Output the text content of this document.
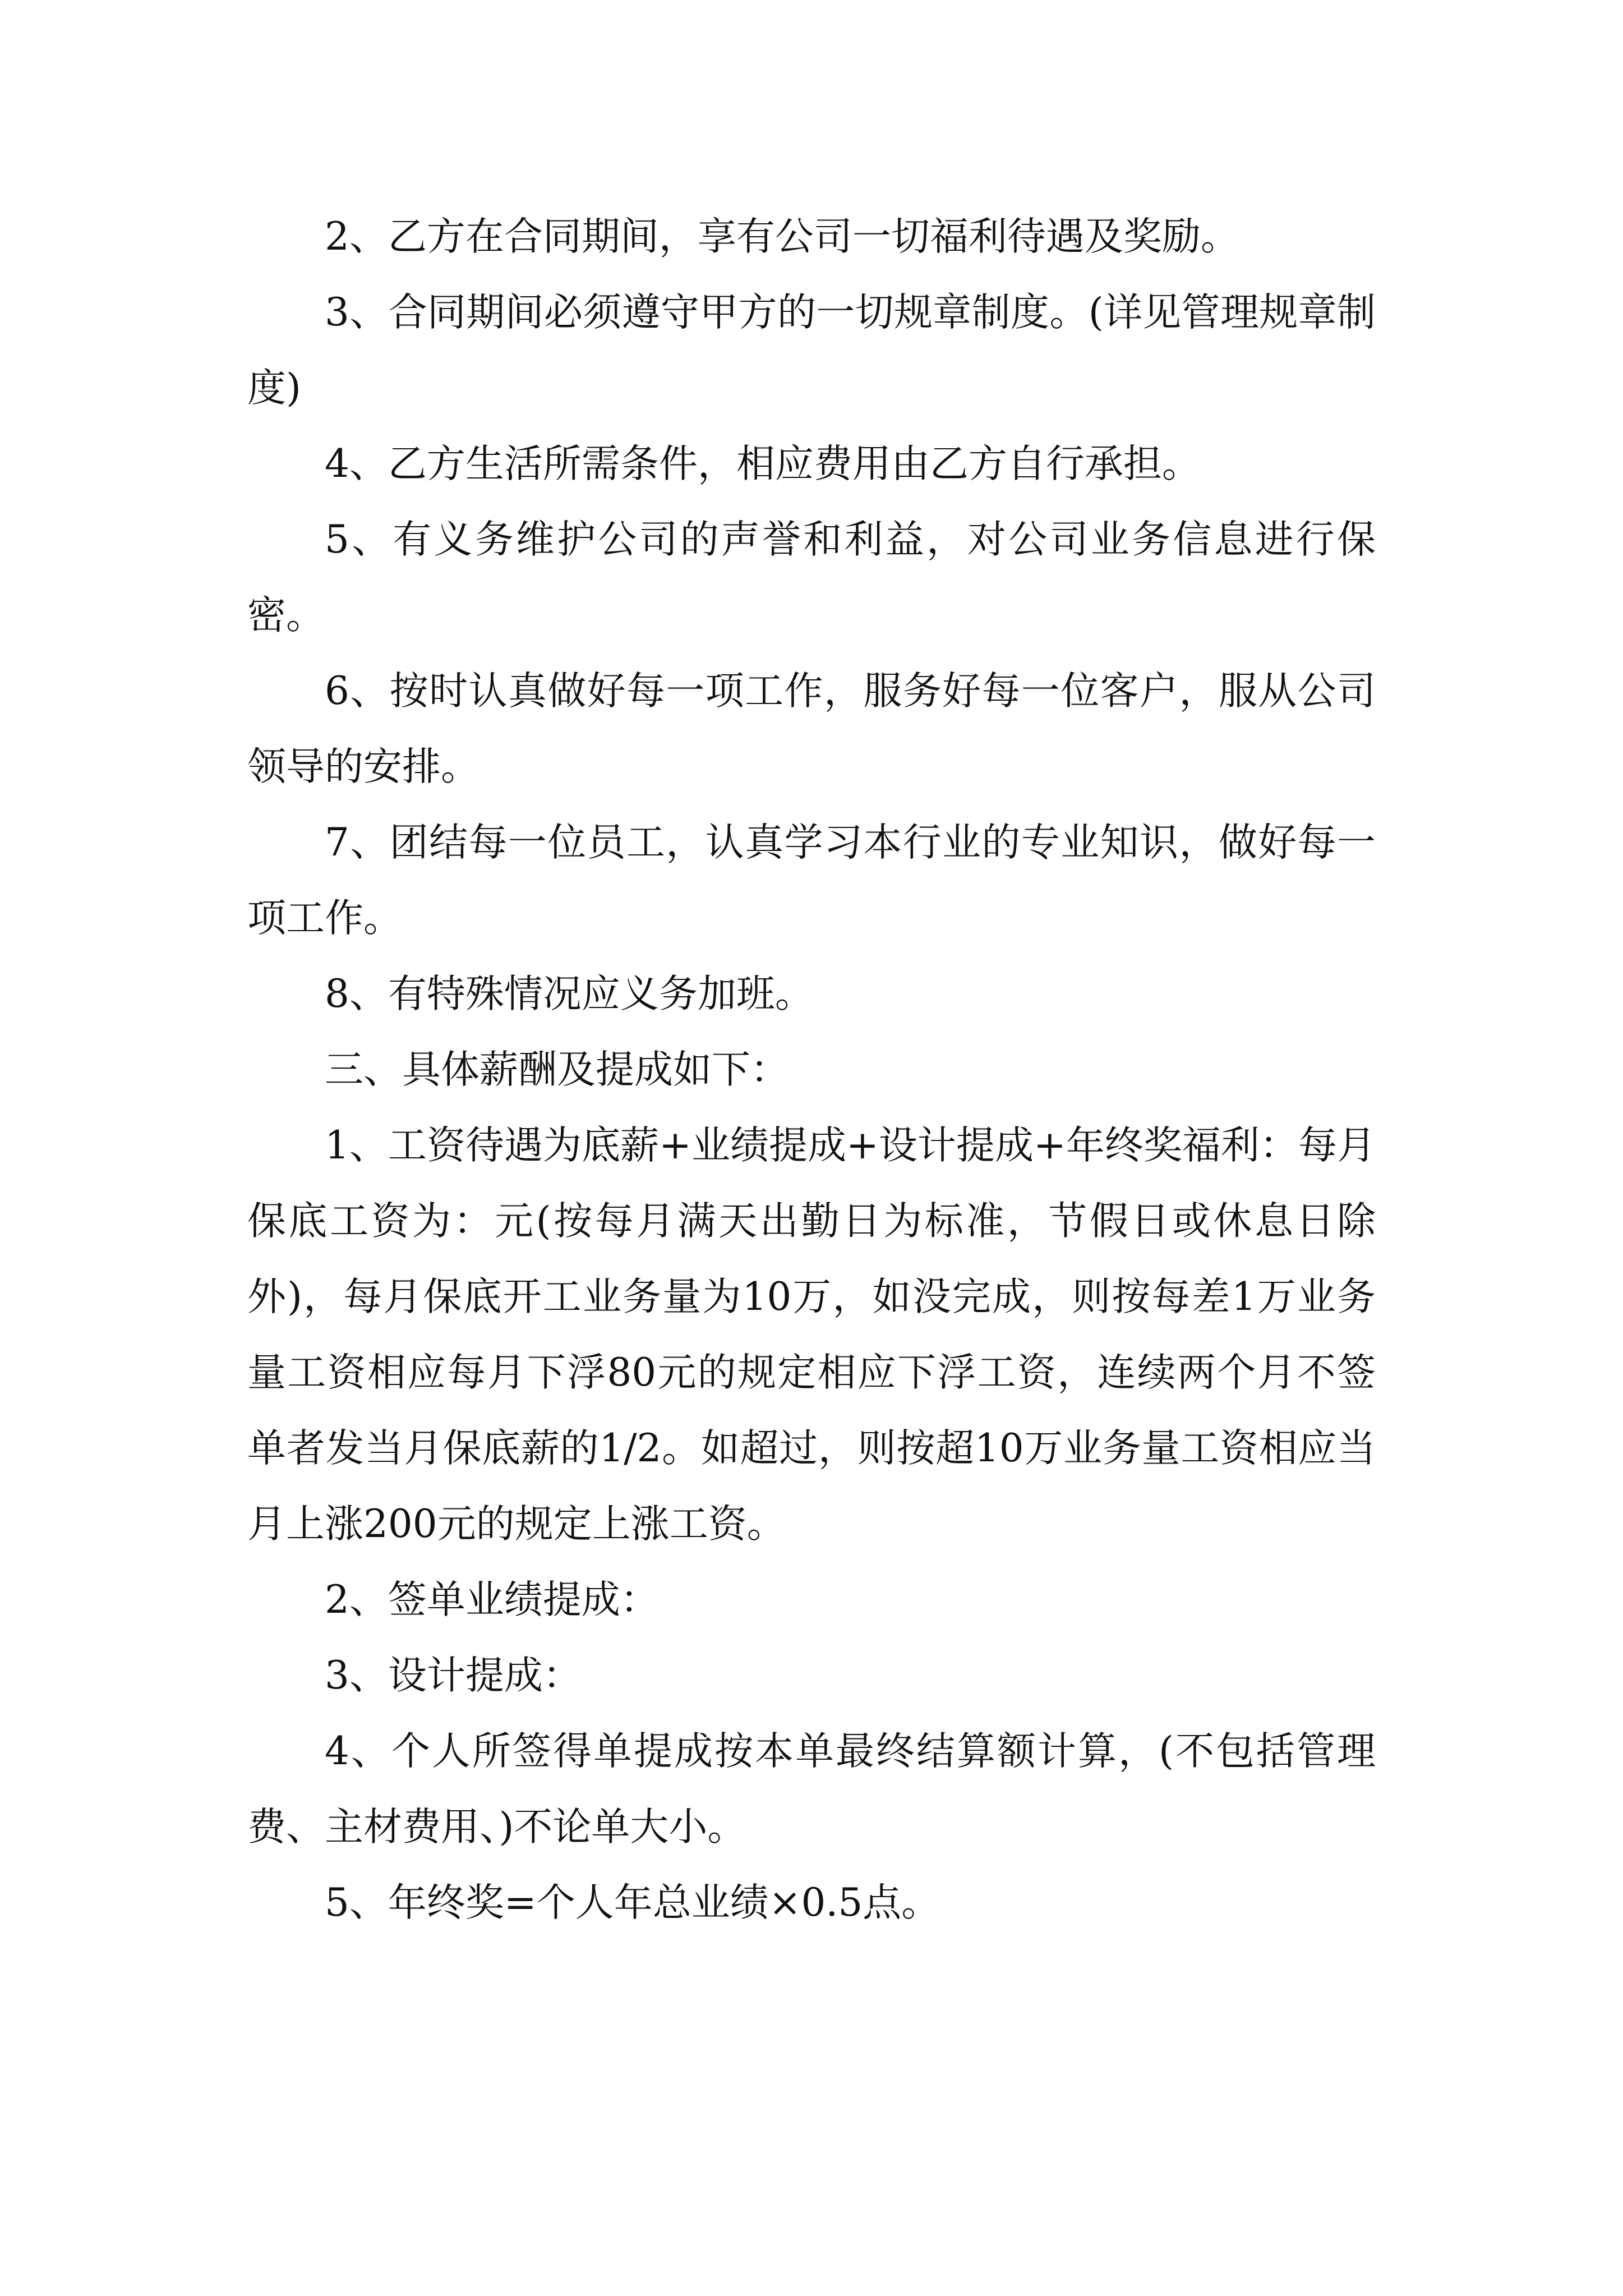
2、乙方在合同期间，享有公司一切福利待遇及奖励。

3、合同期间必须遵守甲方的一切规章制度。(详见管理规章制度)

4、乙方生活所需条件，相应费用由乙方自行承担。

5、有义务维护公司的声誉和利益，对公司业务信息进行保密。

6、按时认真做好每一项工作，服务好每一位客户，服从公司领导的安排。

7、团结每一位员工，认真学习本行业的专业知识，做好每一项工作。

8、有特殊情况应义务加班。

三、具体薪酬及提成如下：

1、工资待遇为底薪+业绩提成+设计提成+年终奖福利：每月保底工资为：元(按每月满天出勤日为标准，节假日或休息日除外)，每月保底开工业务量为10万，如没完成，则按每差1万业务量工资相应每月下浮80元的规定相应下浮工资，连续两个月不签单者发当月保底薪的1/2。如超过，则按超10万业务量工资相应当月上涨200元的规定上涨工资。

2、签单业绩提成：

3、设计提成：

4、个人所签得单提成按本单最终结算额计算，(不包括管理费、主材费用、)不论单大小。

5、年终奖=个人年总业绩×0.5点。
